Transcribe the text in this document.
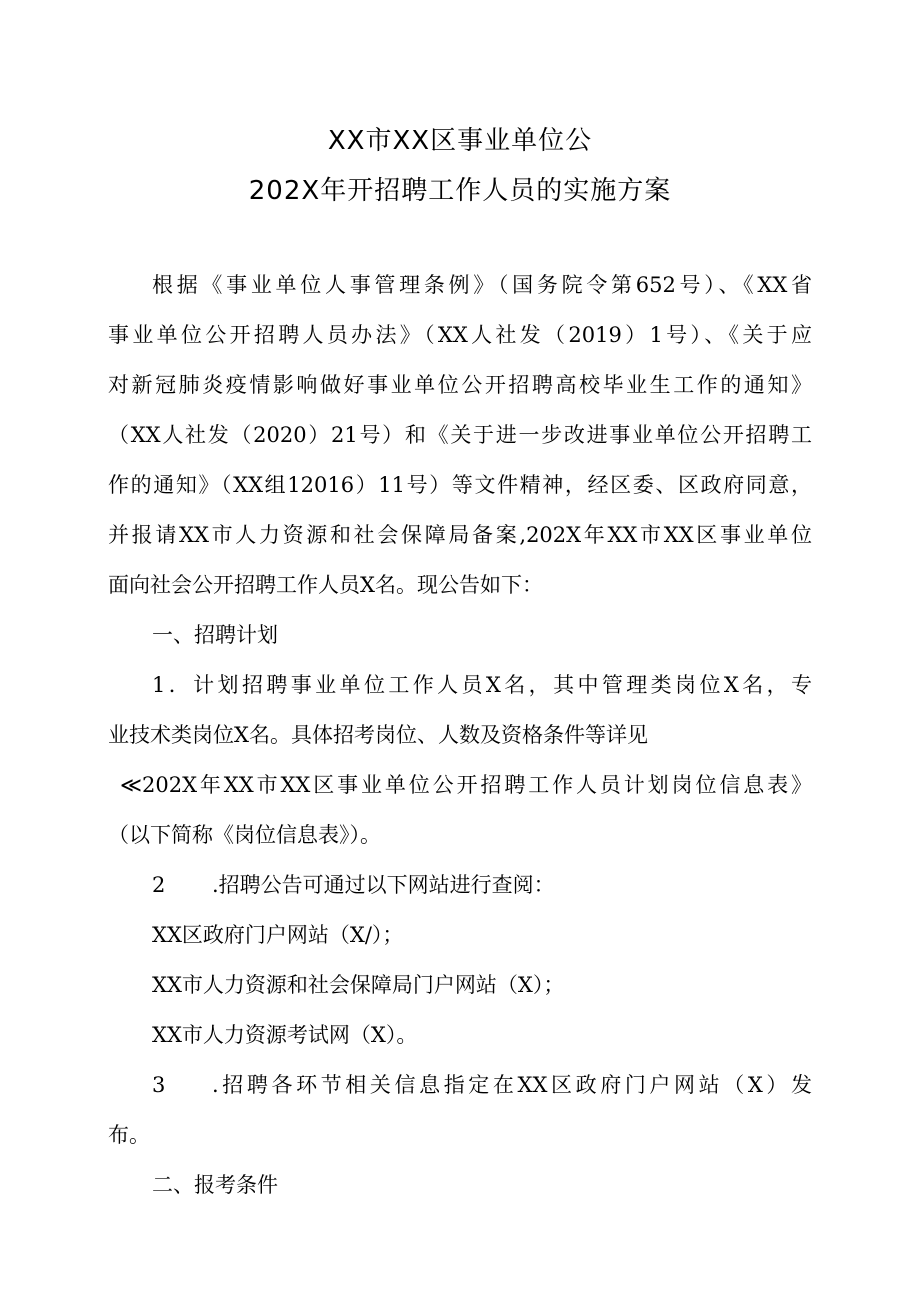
XX市XX区事业单位公
202X年开招聘工作人员的实施方案
根据《事业单位人事管理条例》（国务院令第652号）、《XX省
事业单位公开招聘人员办法》（XX人社发（2019）1号）、《关于应
对新冠肺炎疫情影响做好事业单位公开招聘高校毕业生工作的通知》
（XX人社发（2020）21号）和《关于进一步改进事业单位公开招聘工
作的通知》（XX组12016）11号）等文件精神，经区委、区政府同意，
并报请XX市人力资源和社会保障局备案,202X年XX市XX区事业单位
面向社会公开招聘工作人员X名。现公告如下：
一、招聘计划
1．计划招聘事业单位工作人员X名，其中管理类岗位X名，专
业技术类岗位X名。具体招考岗位、人数及资格条件等详见
≪202X年XX市XX区事业单位公开招聘工作人员计划岗位信息表》
（以下简称《岗位信息表》）。
2 .招聘公告可通过以下网站进行查阅：
XX区政府门户网站（X/）；
XX市人力资源和社会保障局门户网站（X）；
XX市人力资源考试网（X）。
3 .招聘各环节相关信息指定在XX区政府门户网站（X）发
布。
二、报考条件
